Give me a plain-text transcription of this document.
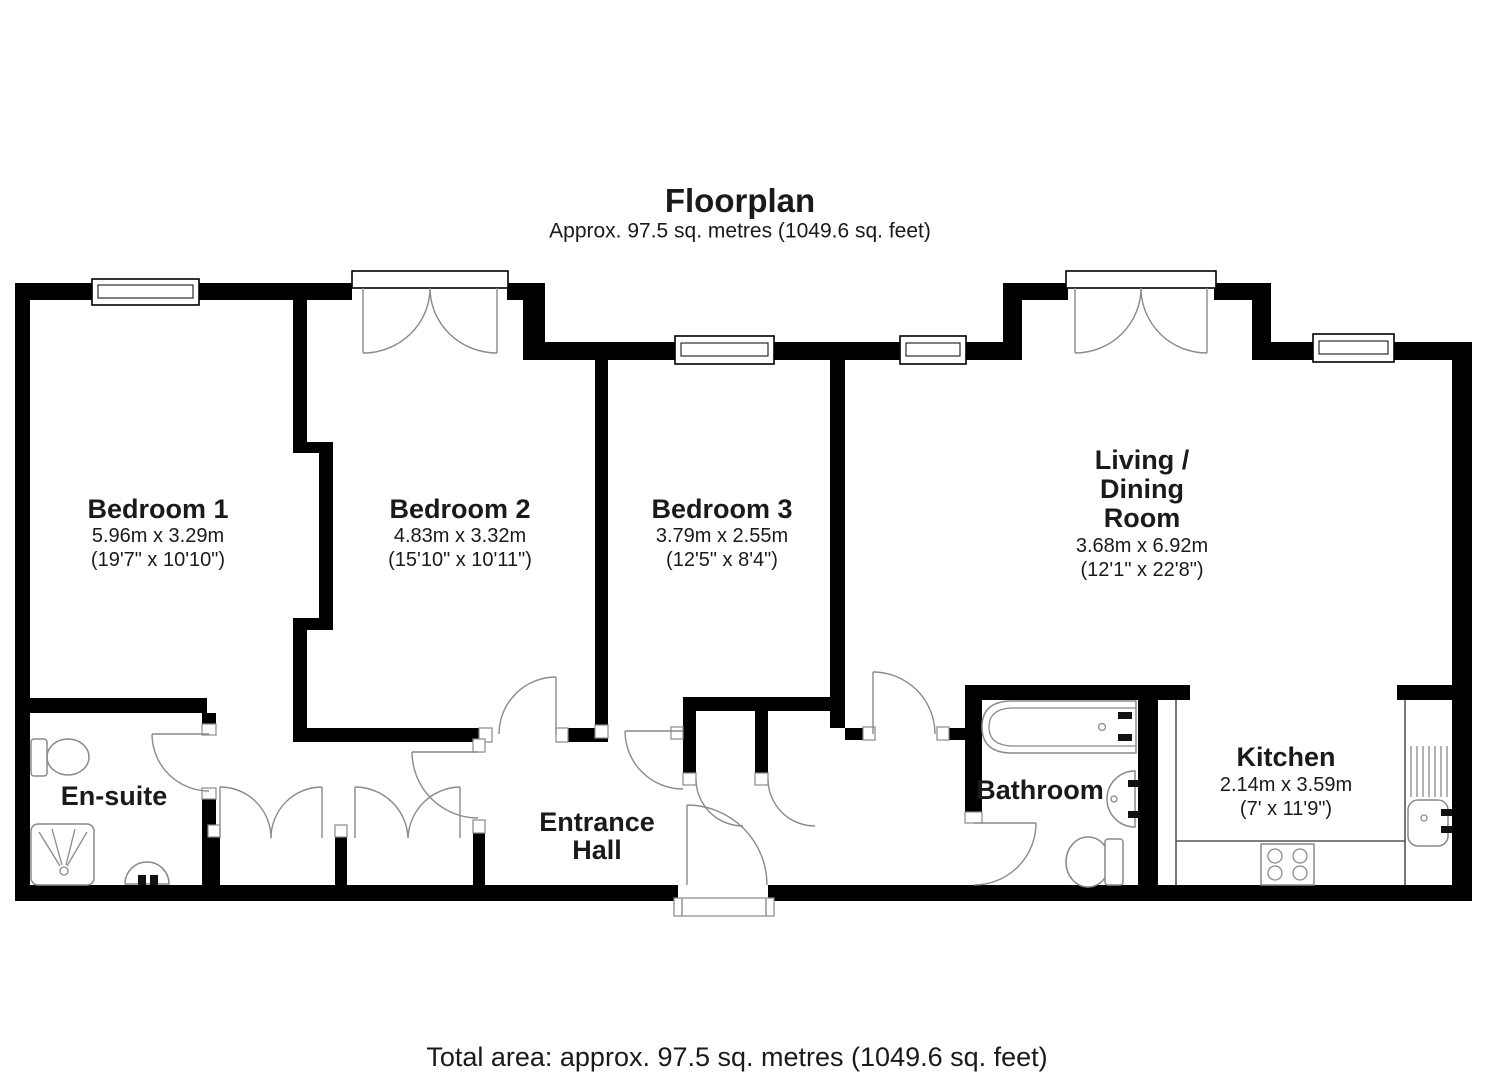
Floorplan
Approx. 97.5 sq. metres (1049.6 sq. feet)
Bedroom 1
5.96m x 3.29m
(19'7" x 10'10")
Bedroom 2
4.83m x 3.32m
(15'10" x 10'11")
Bedroom 3
3.79m x 2.55m
(12'5" x 8'4")
Living /
Dining
Room
3.68m x 6.92m
(12'1" x 22'8")
En-suite
Entrance
Hall
Bathroom
Kitchen
2.14m x 3.59m
(7' x 11'9")
Total area: approx. 97.5 sq. metres (1049.6 sq. feet)
